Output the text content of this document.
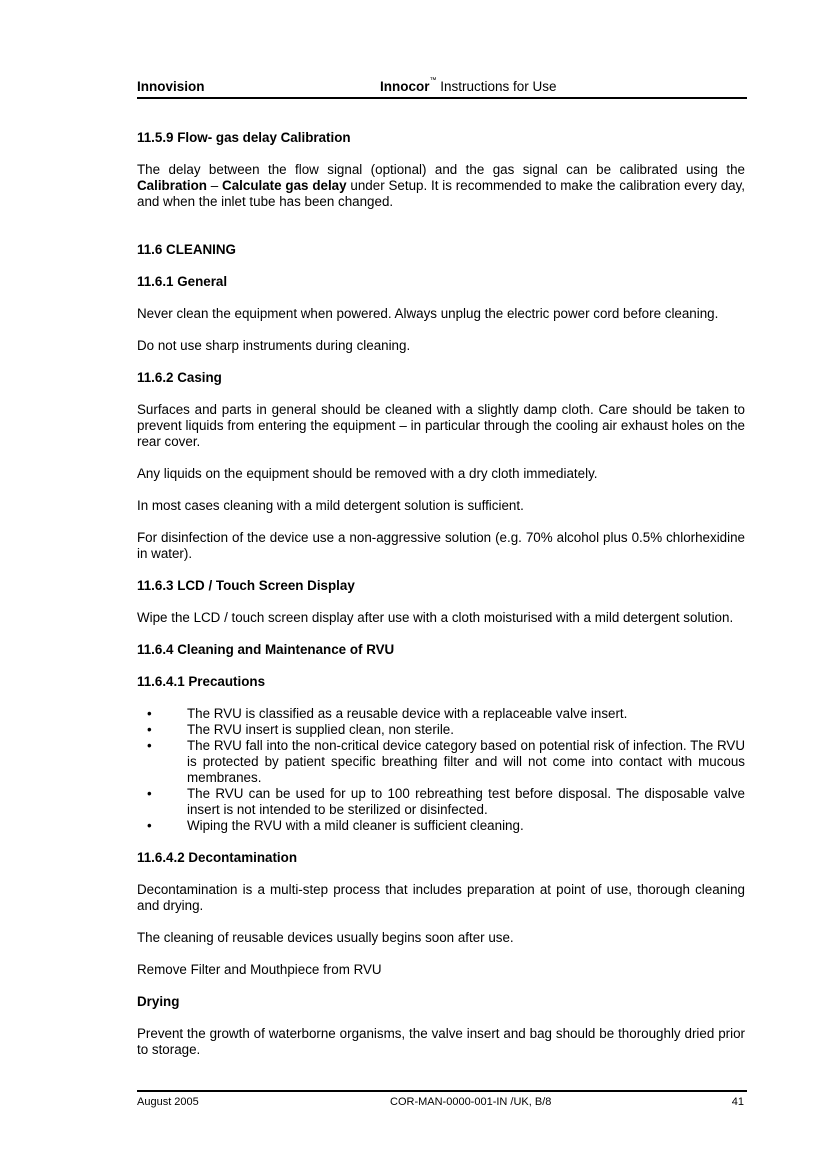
Innovision	Innocor™ Instructions for Use

11.5.9 Flow- gas delay Calibration

The delay between the flow signal (optional) and the gas signal can be calibrated using the Calibration – Calculate gas delay under Setup. It is recommended to make the calibration every day, and when the inlet tube has been changed.

11.6 CLEANING

11.6.1 General

Never clean the equipment when powered. Always unplug the electric power cord before cleaning.

Do not use sharp instruments during cleaning.

11.6.2 Casing

Surfaces and parts in general should be cleaned with a slightly damp cloth. Care should be taken to prevent liquids from entering the equipment – in particular through the cooling air exhaust holes on the rear cover.

Any liquids on the equipment should be removed with a dry cloth immediately.

In most cases cleaning with a mild detergent solution is sufficient.

For disinfection of the device use a non-aggressive solution (e.g. 70% alcohol plus 0.5% chlorhexidine in water).

11.6.3 LCD / Touch Screen Display

Wipe the LCD / touch screen display after use with a cloth moisturised with a mild detergent solution.

11.6.4 Cleaning and Maintenance of RVU

11.6.4.1 Precautions

•	The RVU is classified as a reusable device with a replaceable valve insert.
•	The RVU insert is supplied clean, non sterile.
•	The RVU fall into the non-critical device category based on potential risk of infection. The RVU is protected by patient specific breathing filter and will not come into contact with mucous membranes.
•	The RVU can be used for up to 100 rebreathing test before disposal. The disposable valve insert is not intended to be sterilized or disinfected.
•	Wiping the RVU with a mild cleaner is sufficient cleaning.

11.6.4.2 Decontamination

Decontamination is a multi-step process that includes preparation at point of use, thorough cleaning and drying.

The cleaning of reusable devices usually begins soon after use.

Remove Filter and Mouthpiece from RVU

Drying

Prevent the growth of waterborne organisms, the valve insert and bag should be thoroughly dried prior to storage.

August 2005	COR-MAN-0000-001-IN /UK, B/8	41
